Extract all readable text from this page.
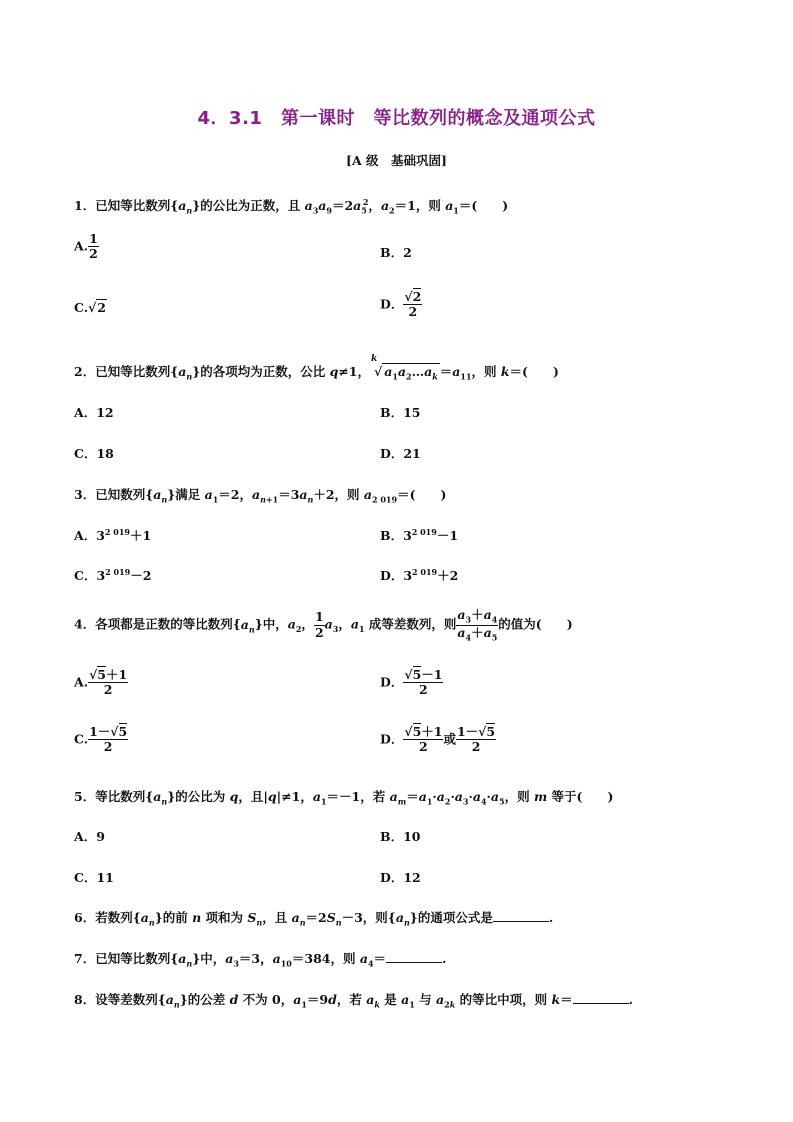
4．3.1　第一课时　等比数列的概念及通项公式
[A 级　基础巩固]
1．已知等比数列$\{a_n\}$的公比为正数，且 $a_3a_9=2a_5^2$，$a_2=1$，则 $a_1=$(　　)
A. $\frac{1}{2}$	B．2
C.√2	D． $\frac{√2}{2}$
2．已知等比数列$\{a_n\}$的各项均为正数，公比 q≠1，
k
√ $a_1a_2\dots a_k =a_{11}$，则 k＝(　　)
A．12	B．15
C．18	D．21
3．已知数列$\{a_n\}$满足 $a_1=2$，$a_{n+1}=3a_n+2$，则 $a_{2 019}=$(　　)
A．$3^{2 019}+1$	B．$3^{2 019}-1$
C．$3^{2 019}-2$	D．$3^{2 019}+2$
4．各项都是正数的等比数列$\{a_n\}$中，$a_2$， $\frac{1}{2} a_3$，$a_1$ 成等差数列，则 $\frac{a_3+a_4}{a_4+a_5}$ 的值为(　　)
A. $\frac{√5+1}{2}$	D． $\frac{√5-1}{2}$
C. $\frac{1-√5}{2}$	D． $\frac{√5+1}{2}$ 或 $\frac{1-√5}{2}$
5．等比数列$\{a_n\}$的公比为 q，且|q|≠1，$a_1=-1$，若 $a_m=a_1\cdot a_2\cdot a_3\cdot a_4\cdot a_5$，则 m 等于(　　)
A．9	B．10
C．11	D．12
6．若数列$\{a_n\}$的前 n 项和为 $S_n$，且 $a_n=2S_n-3$，则$\{a_n\}$的通项公式是	.
7．已知等比数列$\{a_n\}$中，$a_3=3$，$a_{10}=384$，则 $a_4=$	.
8．设等差数列$\{a_n\}$的公差 d 不为 0，$a_1=9d$，若 $a_k$ 是 $a_1$ 与 $a_{2k}$ 的等比中项，则 k＝	.
